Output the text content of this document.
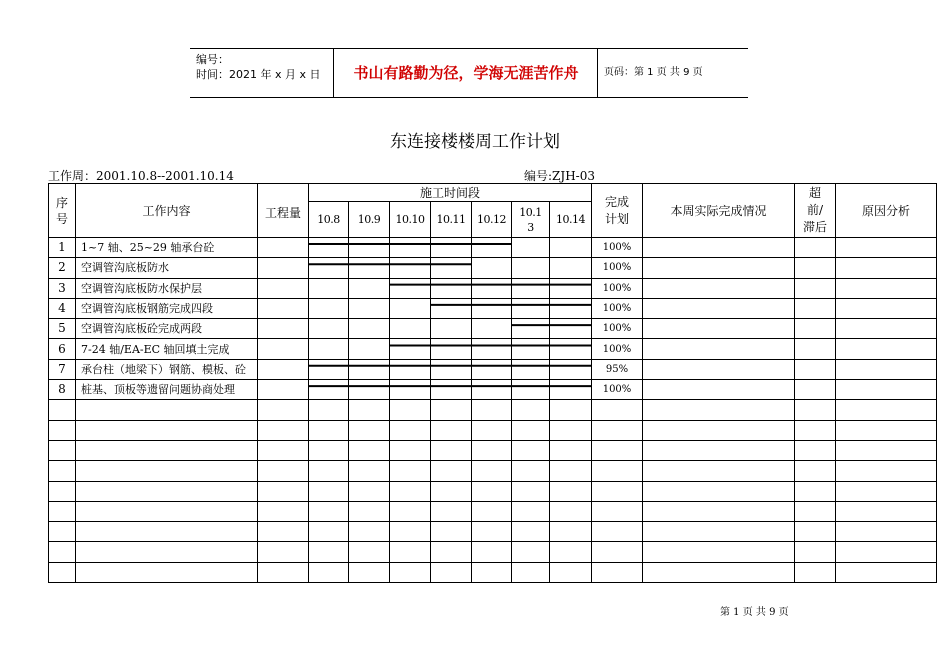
编号：
时间：2021 年 x 月 x 日	书山有路勤为径，学海无涯苦作舟	页码：第 1 页 共 9 页
东连接楼楼周工作计划
工作周：2001.10.8--2001.10.14	编号:ZJH-03
序号	工作内容	工程量	施工时间段							完成计划	本周实际完成情况	超前/滞后	原因分析
			10.8	10.9	10.10	10.11	10.12	10.13	10.14				
1	1~7 轴、25~29 轴承台砼									100%			
2	空调管沟底板防水									100%			
3	空调管沟底板防水保护层									100%			
4	空调管沟底板钢筋完成四段									100%			
5	空调管沟底板砼完成两段									100%			
6	7-24 轴/EA-EC 轴回填土完成									100%			
7	承台柱（地梁下）钢筋、模板、砼									95%			
8	桩基、顶板等遗留问题协商处理									100%			

第 1 页 共 9 页
